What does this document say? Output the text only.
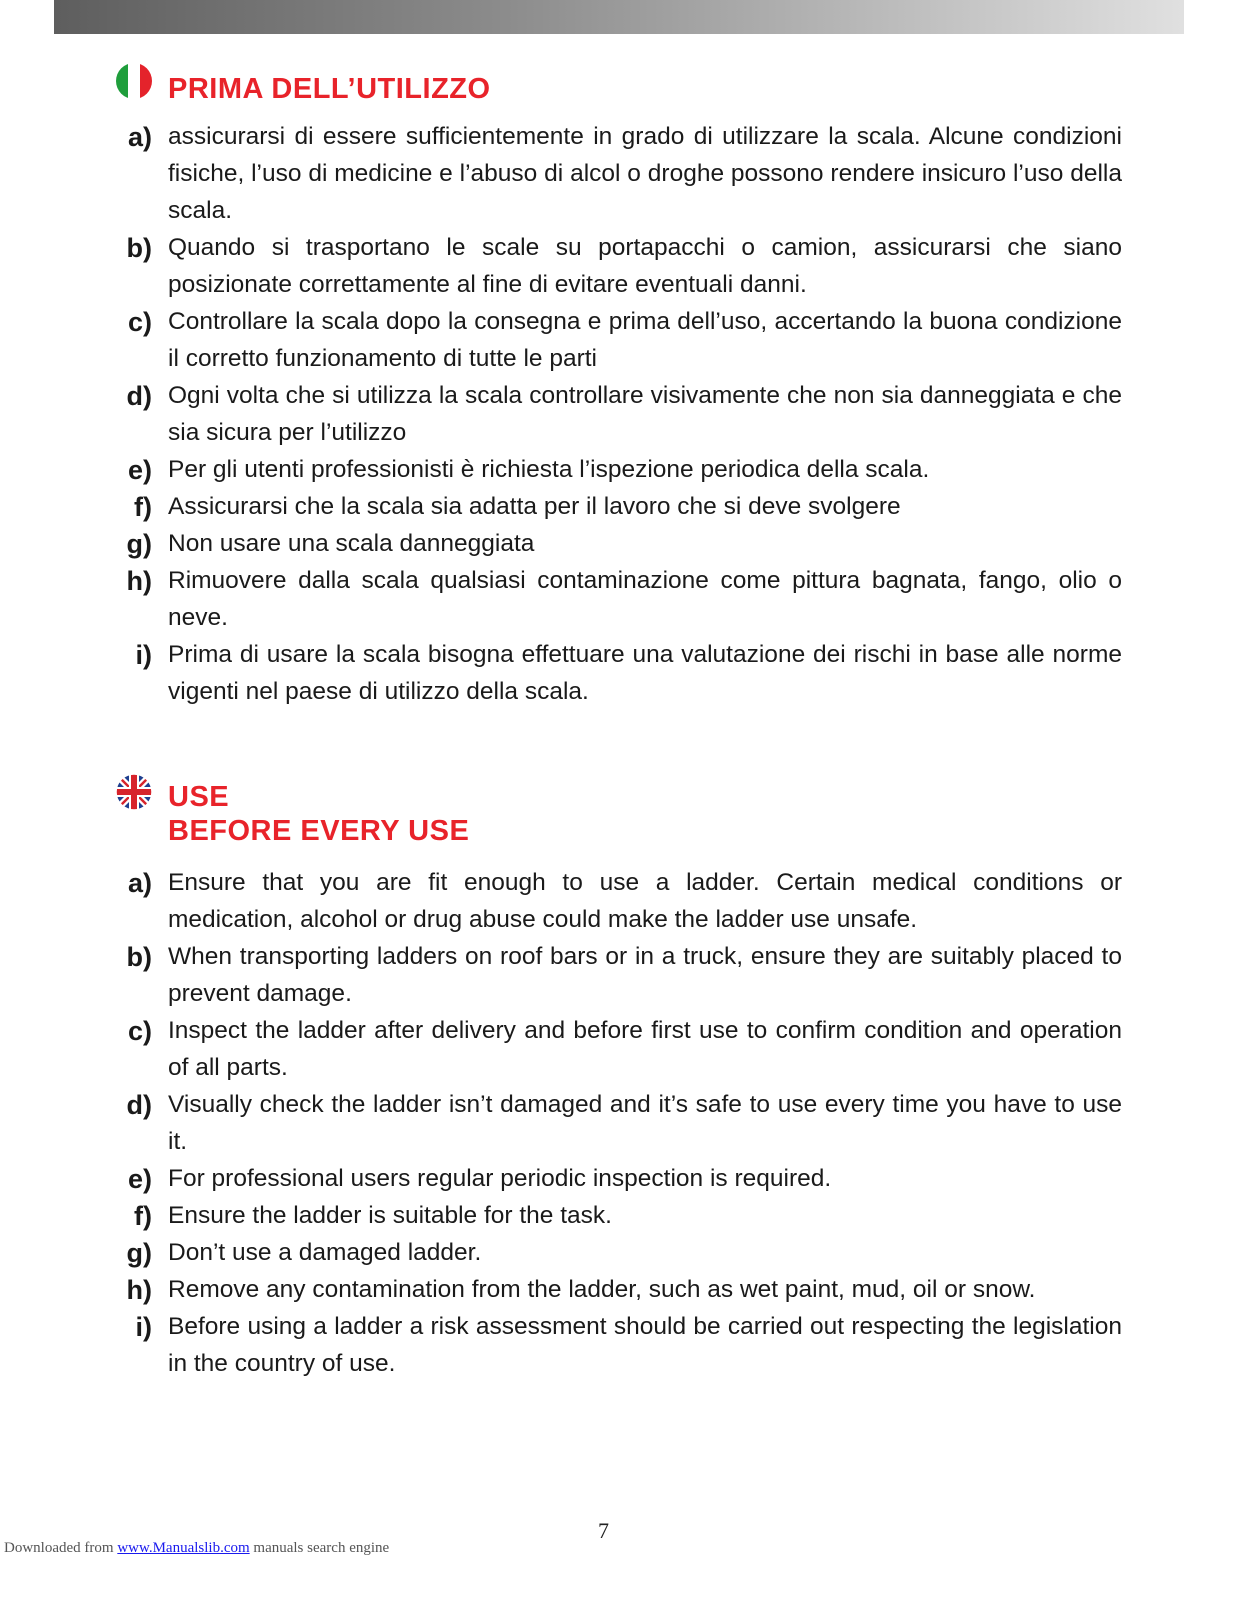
PRIMA DELL’UTILIZZO
a) assicurarsi di essere sufficientemente in grado di utilizzare la scala. Alcune condizioni fisiche, l’uso di medicine e l’abuso di alcol o droghe possono rendere insicuro l’uso della scala.
b) Quando si trasportano le scale su portapacchi o camion, assicurarsi che siano posizionate correttamente al fine di evitare eventuali danni.
c) Controllare la scala dopo la consegna e prima dell’uso, accertando la buona condizione il corretto funzionamento di tutte le parti
d) Ogni volta che si utilizza la scala controllare visivamente che non sia danneggiata e che sia sicura per l’utilizzo
e) Per gli utenti professionisti è richiesta l’ispezione periodica della scala.
f) Assicurarsi che la scala sia adatta per il lavoro che si deve svolgere
g) Non usare una scala danneggiata
h) Rimuovere dalla scala qualsiasi contaminazione come pittura bagnata, fango, olio o neve.
i) Prima di usare la scala bisogna effettuare una valutazione dei rischi in base alle norme vigenti nel paese di utilizzo della scala.
USE
BEFORE EVERY USE
a) Ensure that you are fit enough to use a ladder. Certain medical conditions or medication, alcohol or drug abuse could make the ladder use unsafe.
b) When transporting ladders on roof bars or in a truck, ensure they are suitably placed to prevent damage.
c) Inspect the ladder after delivery and before first use to confirm condition and operation of all parts.
d) Visually check the ladder isn’t damaged and it’s safe to use every time you have to use it.
e) For professional users regular periodic inspection is required.
f) Ensure the ladder is suitable for the task.
g) Don’t use a damaged ladder.
h) Remove any contamination from the ladder, such as wet paint, mud, oil or snow.
i) Before using a ladder a risk assessment should be carried out respecting the legislation in the country of use.
7
Downloaded from www.Manualslib.com manuals search engine
